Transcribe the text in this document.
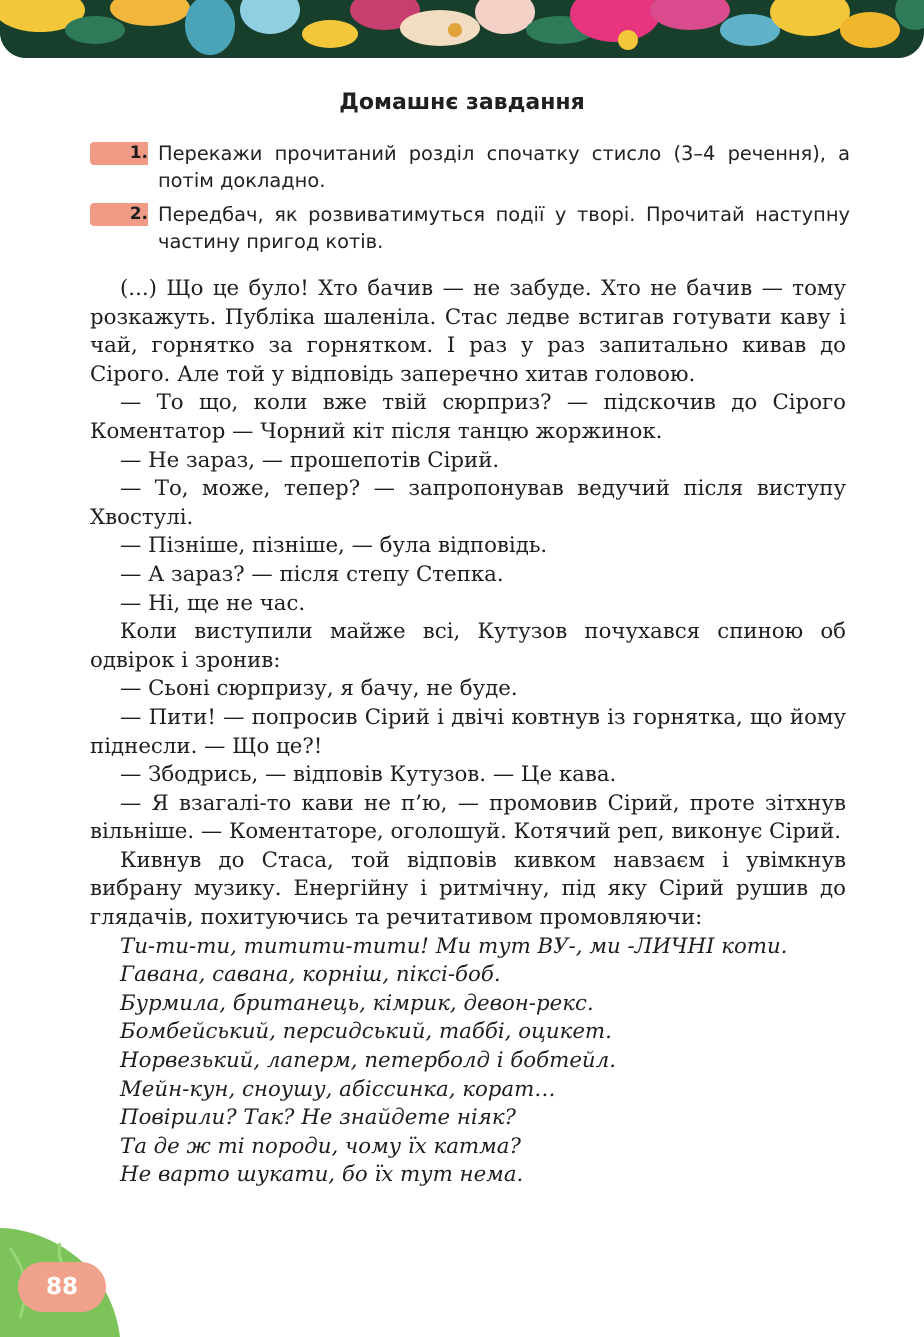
Домашнє завдання
1. Перекажи прочитаний розділ спочатку стисло (3–4 речення), а потім докладно.
2. Передбач, як розвиватимуться події у творі. Прочитай наступну частину пригод котів.

(...) Що це було! Хто бачив — не забуде. Хто не бачив — тому розкажуть. Публіка шаленіла. Стас ледве встигав готувати каву і чай, горнятко за горнятком. І раз у раз запитально кивав до Сірого. Але той у відповідь заперечно хитав головою.

— То що, коли вже твій сюрприз? — підскочив до Сірого Коментатор — Чорний кіт після танцю жоржинок.

— Не зараз, — прошепотів Сірий.

— То, може, тепер? — запропонував ведучий після виступу Хвостулі.

— Пізніше, пізніше, — була відповідь.

— А зараз? — після степу Степка.

— Ні, ще не час.

Коли виступили майже всі, Кутузов почухався спиною об одвірок і зронив:

— Сьоні сюрпризу, я бачу, не буде.

— Пити! — попросив Сірий і двічі ковтнув із горнятка, що йому піднесли. — Що це?!

— Збодрись, — відповів Кутузов. — Це кава.

— Я взагалі-то кави не п’ю, — промовив Сірий, проте зітхнув вільніше. — Коментаторе, оголошуй. Котячий реп, виконує Сірий.

Кивнув до Стаса, той відповів кивком навзаєм і увімкнув вибрану музику. Енергійну і ритмічну, під яку Сірий рушив до глядачів, похитуючись та речитативом промовляючи:

Ти-ти-ти, титити-тити! Ми тут ВУ-, ми -ЛИЧНІ коти.
Гавана, савана, корніш, піксі-боб.
Бурмила, британець, кімрик, девон-рекс.
Бомбейський, персидський, таббі, оцикет.
Норвезький, лаперм, петерболд і бобтейл.
Мейн-кун, сноушу, абіссинка, корат…
Повірили? Так? Не знайдете ніяк?
Та де ж ті породи, чому їх катма?
Не варто шукати, бо їх тут нема.
88
